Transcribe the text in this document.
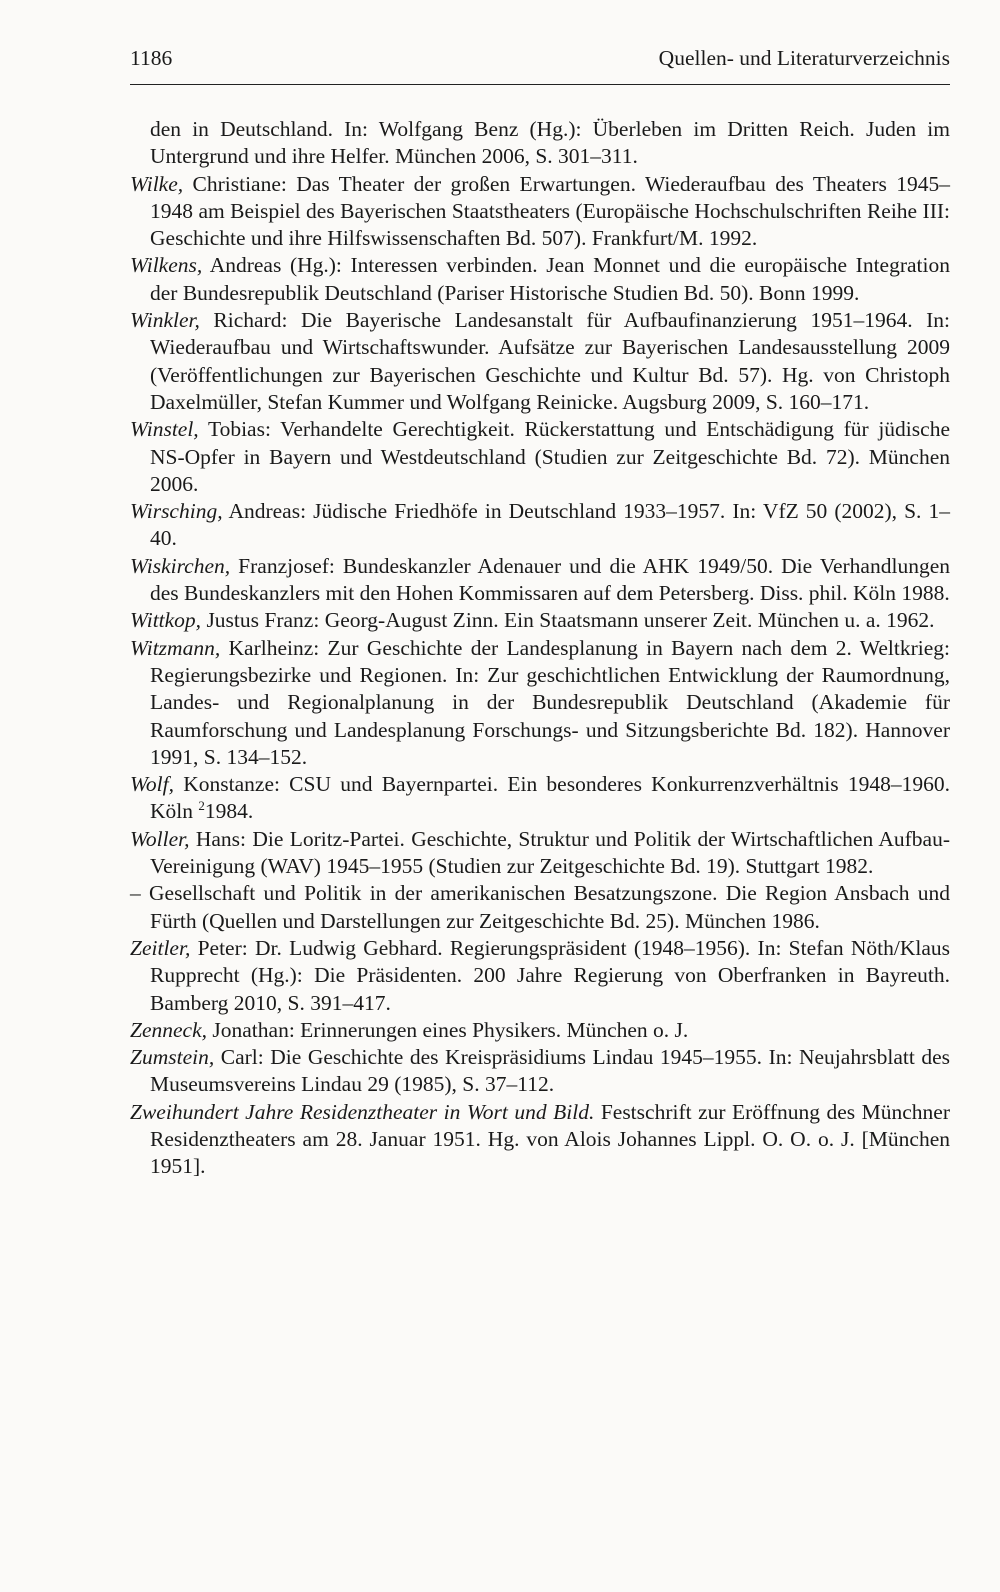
1186	Quellen- und Literaturverzeichnis

den in Deutschland. In: Wolfgang Benz (Hg.): Überleben im Dritten Reich. Juden im Untergrund und ihre Helfer. München 2006, S. 301–311.

Wilke, Christiane: Das Theater der großen Erwartungen. Wiederaufbau des Theaters 1945–1948 am Beispiel des Bayerischen Staatstheaters (Europäische Hochschulschriften Reihe III: Geschichte und ihre Hilfswissenschaften Bd. 507). Frankfurt/M. 1992.

Wilkens, Andreas (Hg.): Interessen verbinden. Jean Monnet und die europäische Integration der Bundesrepublik Deutschland (Pariser Historische Studien Bd. 50). Bonn 1999.

Winkler, Richard: Die Bayerische Landesanstalt für Aufbaufinanzierung 1951–1964. In: Wiederaufbau und Wirtschaftswunder. Aufsätze zur Bayerischen Landesausstellung 2009 (Veröffentlichungen zur Bayerischen Geschichte und Kultur Bd. 57). Hg. von Christoph Daxelmüller, Stefan Kummer und Wolfgang Reinicke. Augsburg 2009, S. 160–171.

Winstel, Tobias: Verhandelte Gerechtigkeit. Rückerstattung und Entschädigung für jüdische NS-Opfer in Bayern und Westdeutschland (Studien zur Zeitgeschichte Bd. 72). München 2006.

Wirsching, Andreas: Jüdische Friedhöfe in Deutschland 1933–1957. In: VfZ 50 (2002), S. 1–40.

Wiskirchen, Franzjosef: Bundeskanzler Adenauer und die AHK 1949/50. Die Verhandlungen des Bundeskanzlers mit den Hohen Kommissaren auf dem Petersberg. Diss. phil. Köln 1988.

Wittkop, Justus Franz: Georg-August Zinn. Ein Staatsmann unserer Zeit. München u. a. 1962.

Witzmann, Karlheinz: Zur Geschichte der Landesplanung in Bayern nach dem 2. Weltkrieg: Regierungsbezirke und Regionen. In: Zur geschichtlichen Entwicklung der Raumordnung, Landes- und Regionalplanung in der Bundesrepublik Deutschland (Akademie für Raumforschung und Landesplanung Forschungs- und Sitzungsberichte Bd. 182). Hannover 1991, S. 134–152.

Wolf, Konstanze: CSU und Bayernpartei. Ein besonderes Konkurrenzverhältnis 1948–1960. Köln $^2$1984.

Woller, Hans: Die Loritz-Partei. Geschichte, Struktur und Politik der Wirtschaftlichen Aufbau-Vereinigung (WAV) 1945–1955 (Studien zur Zeitgeschichte Bd. 19). Stuttgart 1982.

– Gesellschaft und Politik in der amerikanischen Besatzungszone. Die Region Ansbach und Fürth (Quellen und Darstellungen zur Zeitgeschichte Bd. 25). München 1986.

Zeitler, Peter: Dr. Ludwig Gebhard. Regierungspräsident (1948–1956). In: Stefan Nöth/Klaus Rupprecht (Hg.): Die Präsidenten. 200 Jahre Regierung von Oberfranken in Bayreuth. Bamberg 2010, S. 391–417.

Zenneck, Jonathan: Erinnerungen eines Physikers. München o. J.

Zumstein, Carl: Die Geschichte des Kreispräsidiums Lindau 1945–1955. In: Neujahrsblatt des Museumsvereins Lindau 29 (1985), S. 37–112.

Zweihundert Jahre Residenztheater in Wort und Bild. Festschrift zur Eröffnung des Münchner Residenztheaters am 28. Januar 1951. Hg. von Alois Johannes Lippl. O. O. o. J. [München 1951].
